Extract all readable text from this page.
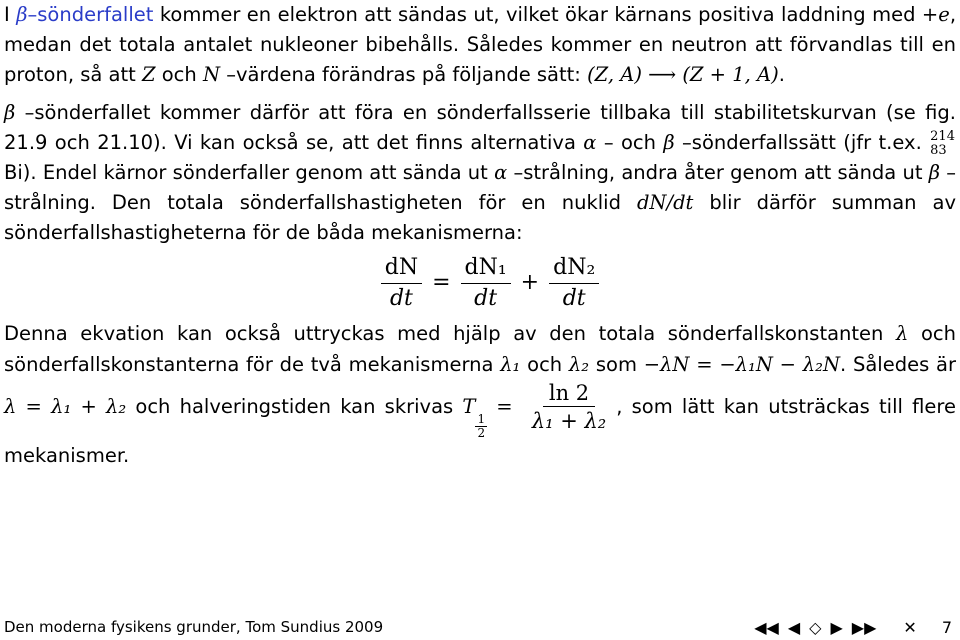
I β–sönderfallet kommer en elektron att sändas ut, vilket ökar kärnans positiva laddning med +e, medan det totala antalet nukleoner bibehålls. Således kommer en neutron att förvandlas till en proton, så att Z och N –värdena förändras på följande sätt: (Z, A) ⟶ (Z + 1, A).

β –sönderfallet kommer därför att föra en sönderfallsserie tillbaka till stabilitetskurvan (se fig. 21.9 och 21.10). Vi kan också se, att det finns alternativa α – och β –sönderfallssätt (jfr t.ex. 214
83
Bi). Endel kärnor sönderfaller genom att sända ut α –strålning, andra åter genom att sända ut β –strålning. Den totala sönderfallshastigheten för en nuklid dN/dt blir därför summan av sönderfallshastigheterna för de båda mekanismerna:

$\frac{dN}{dt} = \frac{\text{dN₁}}{dt} + \frac{\text{dN₂}}{dt}$

Denna ekvation kan också uttryckas med hjälp av den totala sönderfallskonstanten λ och sönderfallskonstanterna för de två mekanismerna λ₁ och λ₂ som −λN = −λ₁N − λ₂N. Således är λ = λ₁ + λ₂ och halveringstiden kan skrivas T
$\frac{1}{2}$
= $\frac{\ln 2}{\text{λ₁ + λ₂}}$ , som lätt kan utsträckas till flere mekanismer.

Den moderna fysikens grunder, Tom Sundius 2009	◀◀ ◀ ◇ ▶ ▶▶ ✕ 7
